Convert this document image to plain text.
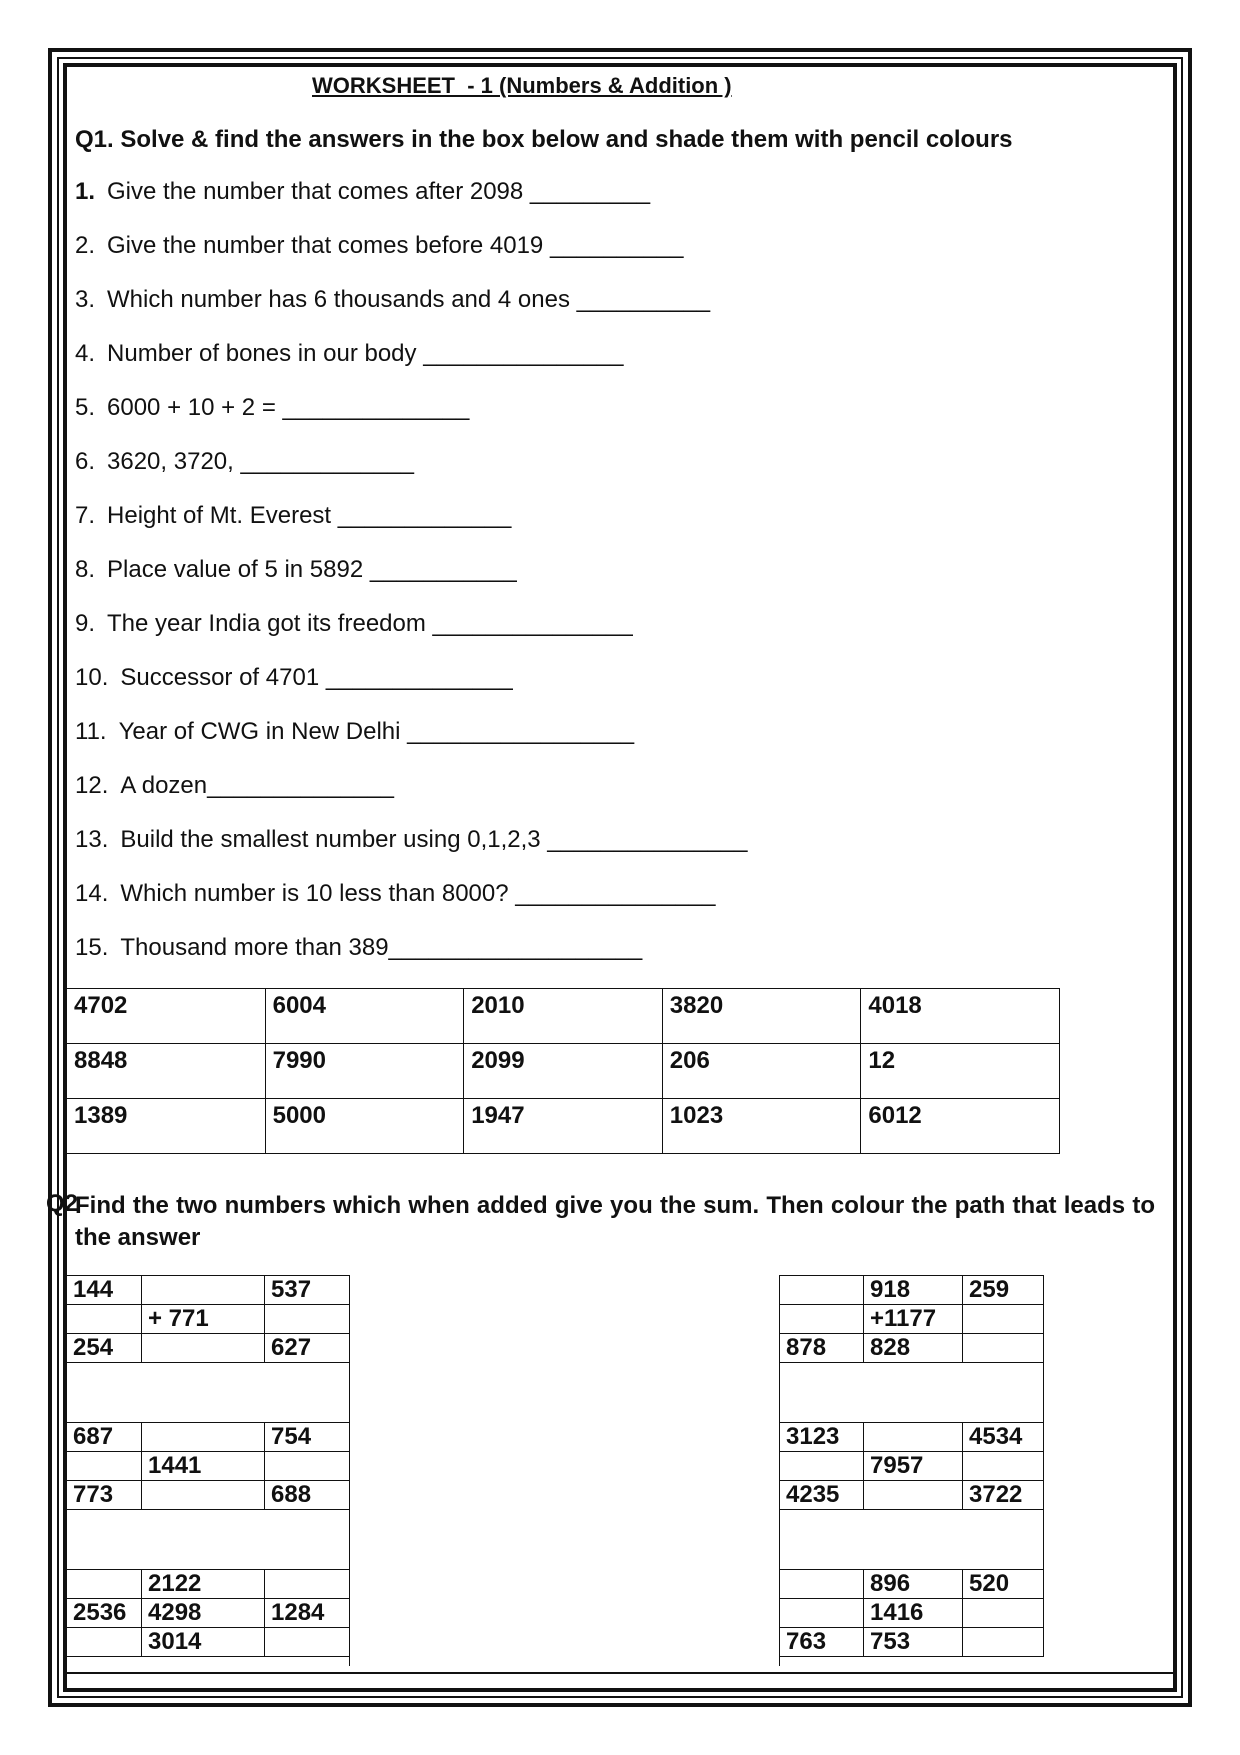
WORKSHEET  - 1 (Numbers & Addition )
Q1. Solve & find the answers in the box below and shade them with pencil colours
1. Give the number that comes after 2098 _________
2. Give the number that comes before 4019 __________
3. Which number has 6 thousands and 4 ones __________
4. Number of bones in our body _______________
5. 6000 + 10 + 2 = ______________
6. 3620, 3720, _____________
7. Height of Mt. Everest _____________
8. Place value of 5 in 5892 ___________
9. The year India got its freedom _______________
10. Successor of 4701 ______________
11. Year of CWG in New Delhi _________________
12. A dozen______________
13. Build the smallest number using 0,1,2,3 _______________
14. Which number is 10 less than 8000? _______________
15. Thousand more than 389___________________
4702	6004	2010	3820	4018
8848	7990	2099	206	12
1389	5000	1947	1023	6012
Q2
Find the two numbers which when added give you the sum. Then colour the path that leads to the answer
144		537
	+ 771	
254		627

687		754
	1441	
773		688

	2122	
2536	4298	1284
	3014	
	918	259
	+1177	
878	828	

3123		4534
	7957	
4235		3722

	896	520
	1416	
763	753	
